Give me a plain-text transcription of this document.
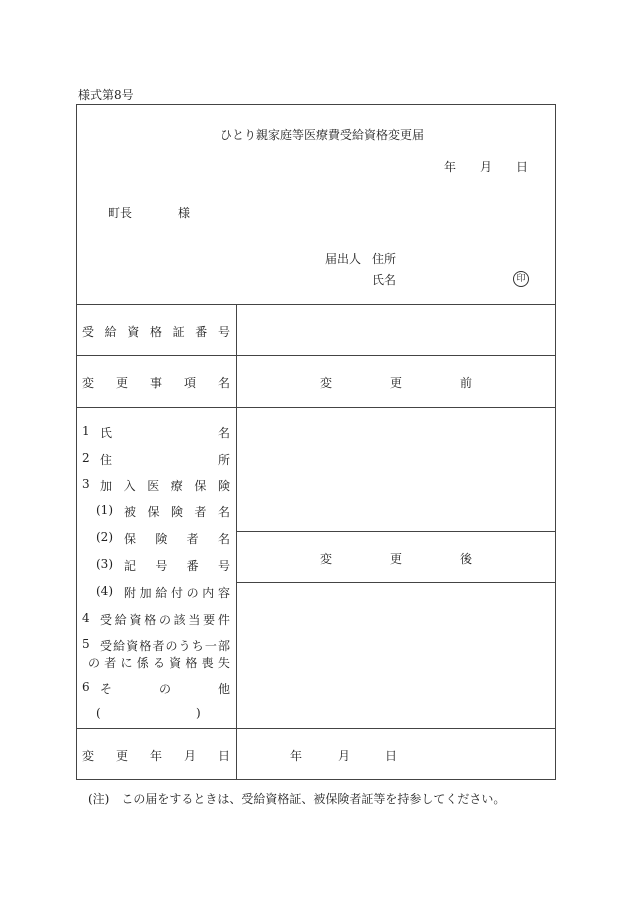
様式第8号
ひとり親家庭等医療費受給資格変更届
年 月 日
町長	様
届出人 住所
氏名	印
受 給 資 格 証 番 号
変 更 事 項 名	変	更	前
変	更	後
1 氏	名
2 住	所
3 加 入 医 療 保 険
(1) 被 保 険 者 名
(2) 保 険 者 名
(3) 記 号 番 号
(4) 附 加 給 付 の 内 容
4 受 給 資 格 の 該 当 要 件
5 受 給 資 格 者 の う ち 一 部
の 者 に 係 る 資 格 喪 失
6 そ	の	他
(	)
変 更 年 月 日	年	月	日
(注)　この届をするときは、受給資格証、被保険者証等を持参してください。
